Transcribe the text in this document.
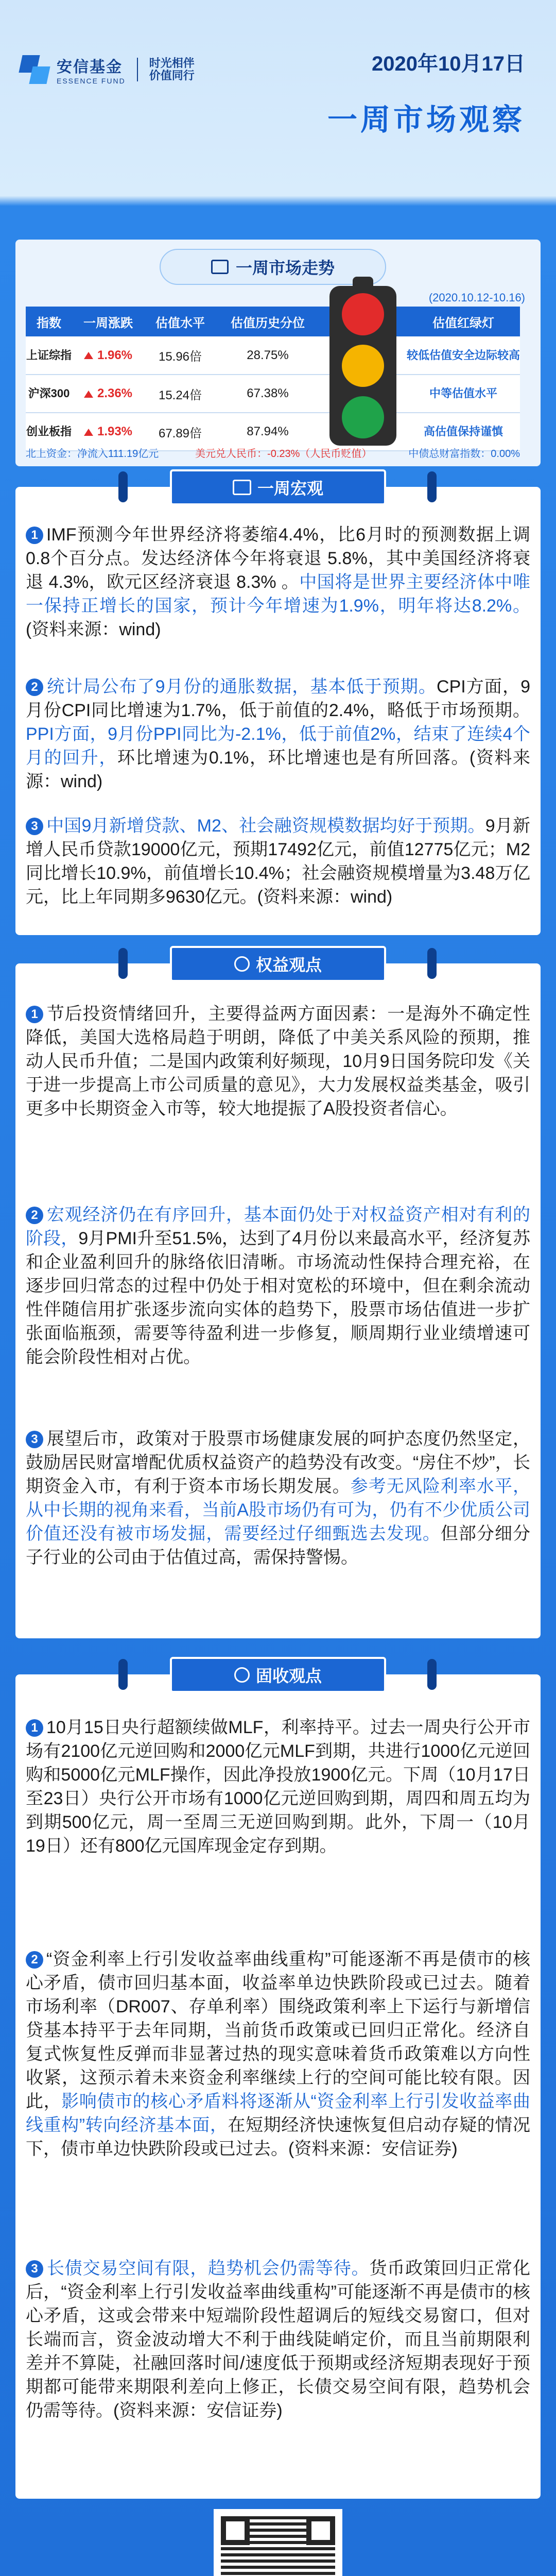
安信基金
ESSENCE FUND
时光相伴
价值同行
2020年10月17日
一周市场观察
一周市场走势
(2020.10.12-10.16)
指数	一周涨跌	估值水平	估值历史分位		估值红绿灯
上证综指	1.96%	15.96倍	28.75%		较低估值安全边际较高
沪深300	2.36%	15.24倍	67.38%		中等估值水平
创业板指	1.93%	67.89倍	87.94%		高估值保持谨慎
北上资金：净流入111.19亿元	美元兑人民币：-0.23%（人民币贬值）	中债总财富指数：0.00%
一周宏观
1 IMF预测今年世界经济将萎缩4.4%，比6月时的预测数据上调0.8个百分点。发达经济体今年将衰退 5.8%，其中美国经济将衰退 4.3%，欧元区经济衰退 8.3% 。中国将是世界主要经济体中唯一保持正增长的国家，预计今年增速为1.9%，明年将达8.2%。(资料来源：wind)
2 统计局公布了9月份的通胀数据，基本低于预期。CPI方面，9月份CPI同比增速为1.7%，低于前值的2.4%，略低于市场预期。PPI方面，9月份PPI同比为-2.1%，低于前值2%，结束了连续4个月的回升，环比增速为0.1%，环比增速也是有所回落。(资料来源：wind)
3 中国9月新增贷款、M2、社会融资规模数据均好于预期。9月新增人民币贷款19000亿元，预期17492亿元，前值12775亿元；M2同比增长10.9%，前值增长10.4%；社会融资规模增量为3.48万亿元，比上年同期多9630亿元。(资料来源：wind)
权益观点
1 节后投资情绪回升，主要得益两方面因素：一是海外不确定性降低，美国大选格局趋于明朗，降低了中美关系风险的预期，推动人民币升值；二是国内政策利好频现，10月9日国务院印发《关于进一步提高上市公司质量的意见》，大力发展权益类基金，吸引更多中长期资金入市等，较大地提振了A股投资者信心。
2 宏观经济仍在有序回升，基本面仍处于对权益资产相对有利的阶段，9月PMI升至51.5%，达到了4月份以来最高水平，经济复苏和企业盈利回升的脉络依旧清晰。市场流动性保持合理充裕，在逐步回归常态的过程中仍处于相对宽松的环境中，但在剩余流动性伴随信用扩张逐步流向实体的趋势下，股票市场估值进一步扩张面临瓶颈，需要等待盈利进一步修复，顺周期行业业绩增速可能会阶段性相对占优。
3 展望后市，政策对于股票市场健康发展的呵护态度仍然坚定，鼓励居民财富增配优质权益资产的趋势没有改变。“房住不炒”，长期资金入市，有利于资本市场长期发展。参考无风险利率水平，从中长期的视角来看，当前A股市场仍有可为，仍有不少优质公司价值还没有被市场发掘，需要经过仔细甄选去发现。但部分细分子行业的公司由于估值过高，需保持警惕。
固收观点
1 10月15日央行超额续做MLF，利率持平。过去一周央行公开市场有2100亿元逆回购和2000亿元MLF到期，共进行1000亿元逆回购和5000亿元MLF操作，因此净投放1900亿元。下周（10月17日至23日）央行公开市场有1000亿元逆回购到期，周四和周五均为到期500亿元，周一至周三无逆回购到期。此外，下周一（10月19日）还有800亿元国库现金定存到期。
2 “资金利率上行引发收益率曲线重构”可能逐渐不再是债市的核心矛盾，债市回归基本面，收益率单边快跌阶段或已过去。随着市场利率（DR007、存单利率）围绕政策利率上下运行与新增信贷基本持平于去年同期，当前货币政策或已回归正常化。经济自复式恢复性反弹而非显著过热的现实意味着货币政策难以方向性收紧，这预示着未来资金利率继续上行的空间可能比较有限。因此，影响债市的核心矛盾料将逐渐从“资金利率上行引发收益率曲线重构”转向经济基本面，在短期经济快速恢复但启动存疑的情况下，债市单边快跌阶段或已过去。(资料来源：安信证券)
3 长债交易空间有限，趋势机会仍需等待。货币政策回归正常化后，“资金利率上行引发收益率曲线重构”可能逐渐不再是债市的核心矛盾，这或会带来中短端阶段性超调后的短线交易窗口，但对长端而言，资金波动增大不利于曲线陡峭定价，而且当前期限利差并不算陡，社融回落时间/速度低于预期或经济短期表现好于预期都可能带来期限利差向上修正，长债交易空间有限，趋势机会仍需等待。(资料来源：安信证券)
